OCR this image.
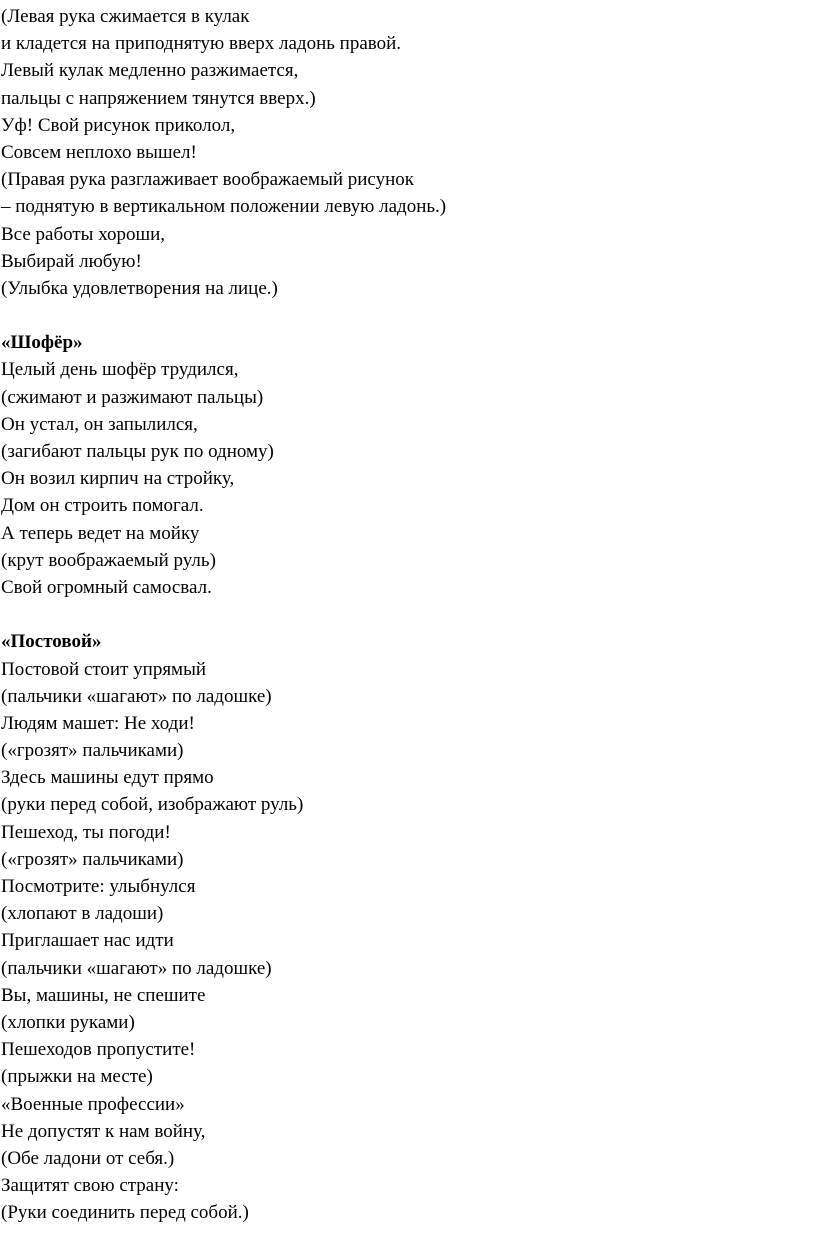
(Левая рука сжимается в кулак
и кладется на приподнятую вверх ладонь правой.
Левый кулак медленно разжимается,
пальцы с напряжением тянутся вверх.)
Уф! Свой рисунок приколол,
Совсем неплохо вышел!
(Правая рука разглаживает воображаемый рисунок
– поднятую в вертикальном положении левую ладонь.)
Все работы хороши,
Выбирай любую!
(Улыбка удовлетворения на лице.)
«Шофёр»
Целый день шофёр трудился,
(сжимают и разжимают пальцы)
Он устал, он запылился,
(загибают пальцы рук по одному)
Он возил кирпич на стройку,
Дом он строить помогал.
А теперь ведет на мойку
(крут воображаемый руль)
Свой огромный самосвал.
«Постовой»
Постовой стоит упрямый
(пальчики «шагают» по ладошке)
Людям машет: Не ходи!
(«грозят» пальчиками)
Здесь машины едут прямо
(руки перед собой, изображают руль)
Пешеход, ты погоди!
(«грозят» пальчиками)
Посмотрите: улыбнулся
(хлопают в ладоши)
Приглашает нас идти
(пальчики «шагают» по ладошке)
Вы, машины, не спешите
(хлопки руками)
Пешеходов пропустите!
(прыжки на месте)
«Военные профессии»
Не допустят к нам войну,
(Обе ладони от себя.)
Защитят свою страну:
(Руки соединить перед собой.)
